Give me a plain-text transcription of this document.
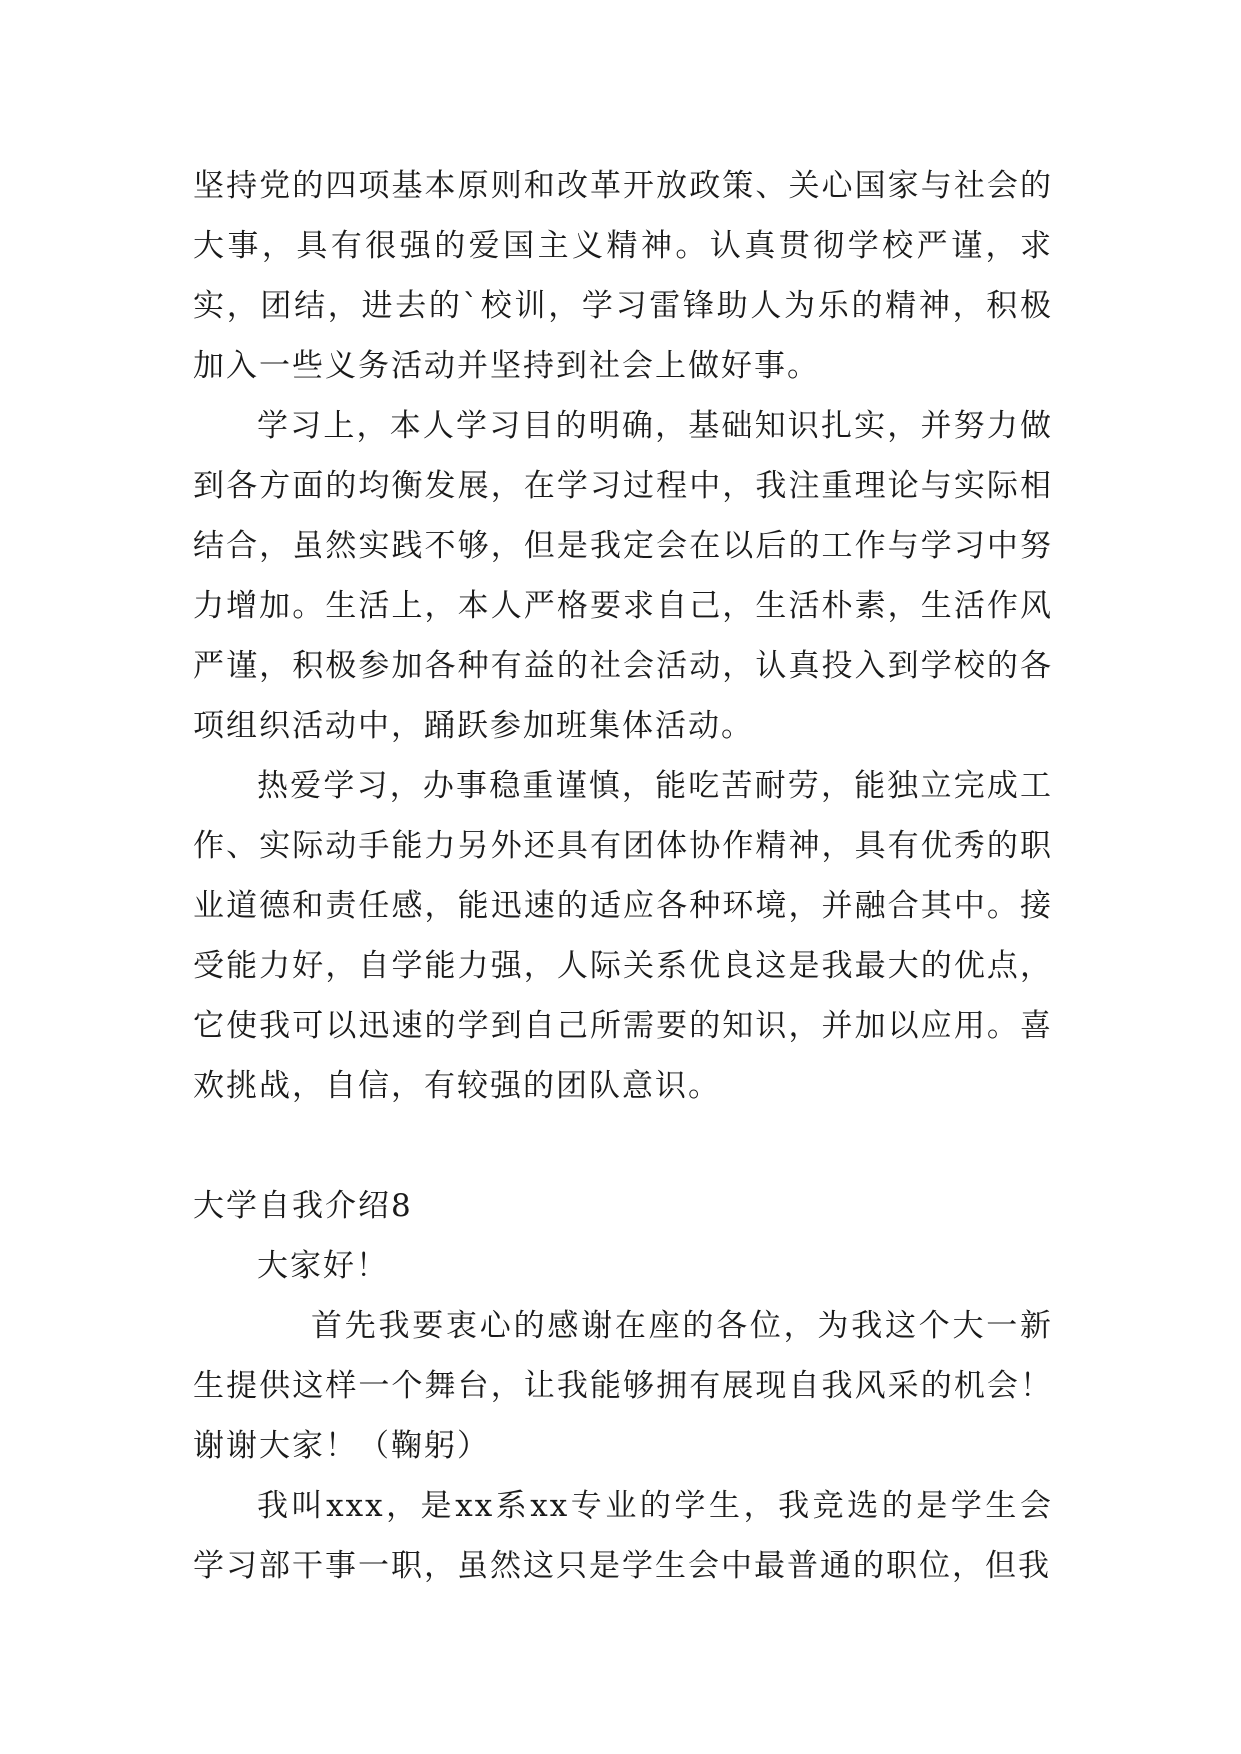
坚持党的四项基本原则和改革开放政策、关心国家与社会的大事，具有很强的爱国主义精神。认真贯彻学校严谨，求实，团结，进去的`校训，学习雷锋助人为乐的精神，积极加入一些义务活动并坚持到社会上做好事。

学习上，本人学习目的明确，基础知识扎实，并努力做到各方面的均衡发展，在学习过程中，我注重理论与实际相结合，虽然实践不够，但是我定会在以后的工作与学习中努力增加。生活上，本人严格要求自己，生活朴素，生活作风严谨，积极参加各种有益的社会活动，认真投入到学校的各项组织活动中，踊跃参加班集体活动。

热爱学习，办事稳重谨慎，能吃苦耐劳，能独立完成工作、实际动手能力另外还具有团体协作精神，具有优秀的职业道德和责任感，能迅速的适应各种环境，并融合其中。接受能力好，自学能力强，人际关系优良这是我最大的优点，它使我可以迅速的学到自己所需要的知识，并加以应用。喜欢挑战，自信，有较强的团队意识。

大学自我介绍8

大家好！

首先我要衷心的感谢在座的各位，为我这个大一新生提供这样一个舞台，让我能够拥有展现自我风采的机会！谢谢大家！（鞠躬）

我叫xxx，是xx系xx专业的学生，我竞选的是学生会学习部干事一职，虽然这只是学生会中最普通的职位，但我
